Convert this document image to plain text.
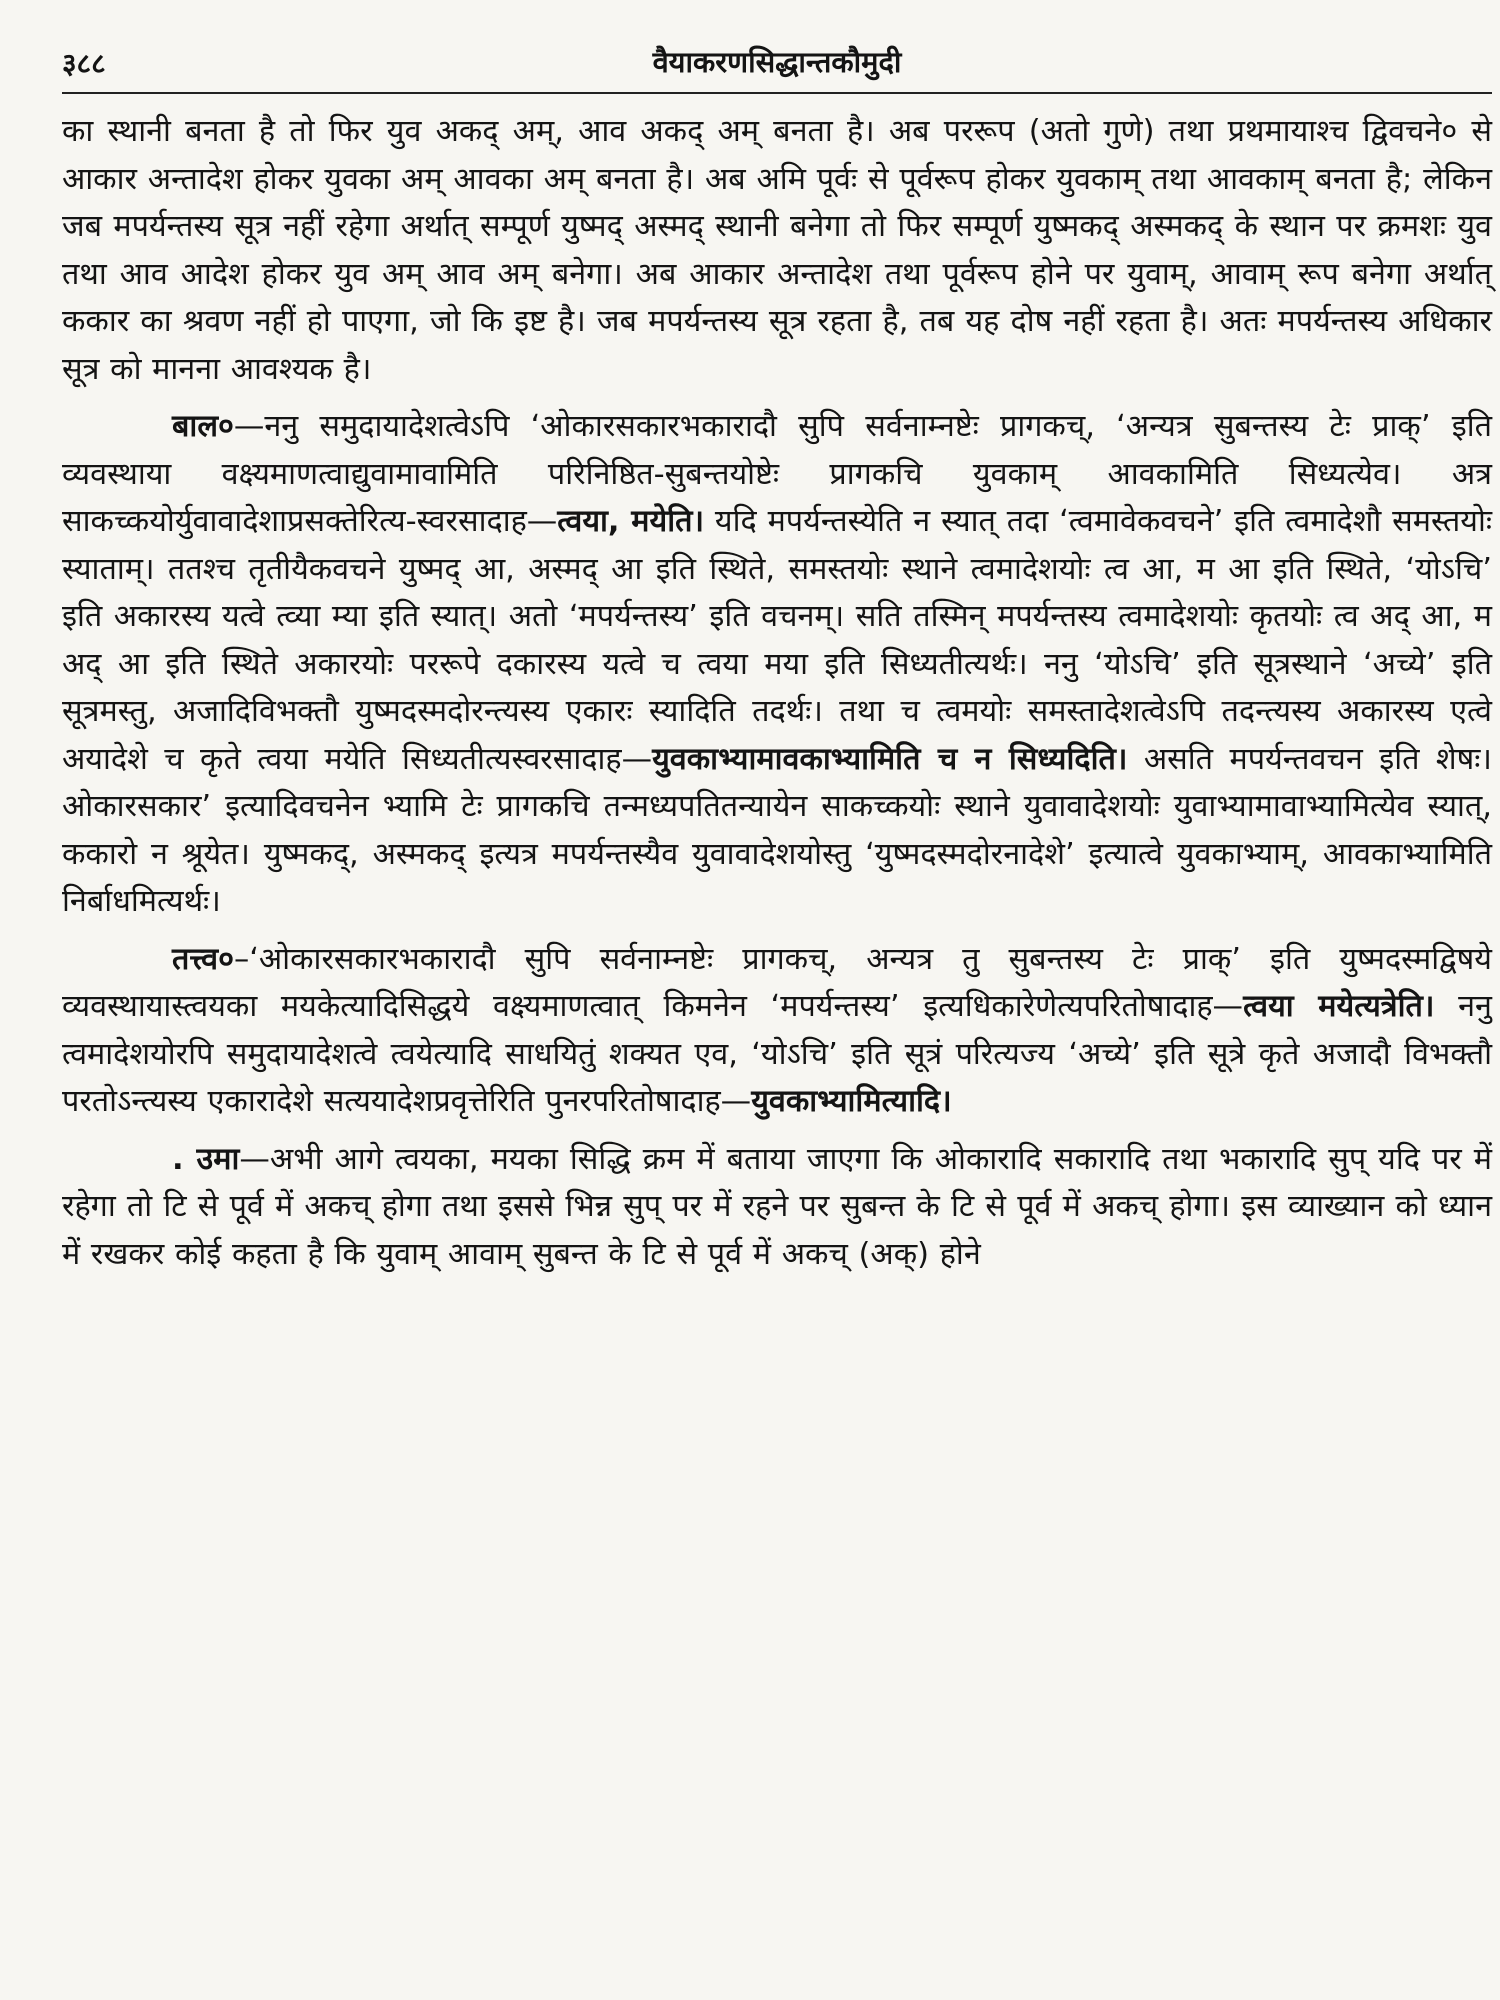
३८८	वैयाकरणसिद्धान्तकौमुदी

का स्थानी बनता है तो फिर युव अकद् अम्, आव अकद् अम् बनता है। अब पररूप (अतो गुणे) तथा प्रथमायाश्च द्विवचने० से आकार अन्तादेश होकर युवका अम् आवका अम् बनता है। अब अमि पूर्वः से पूर्वरूप होकर युवकाम् तथा आवकाम् बनता है; लेकिन जब मपर्यन्तस्य सूत्र नहीं रहेगा अर्थात् सम्पूर्ण युष्मद् अस्मद् स्थानी बनेगा तो फिर सम्पूर्ण युष्मकद् अस्मकद् के स्थान पर क्रमशः युव तथा आव आदेश होकर युव अम् आव अम् बनेगा। अब आकार अन्तादेश तथा पूर्वरूप होने पर युवाम्, आवाम् रूप बनेगा अर्थात् ककार का श्रवण नहीं हो पाएगा, जो कि इष्ट है। जब मपर्यन्तस्य सूत्र रहता है, तब यह दोष नहीं रहता है। अतः मपर्यन्तस्य अधिकार सूत्र को मानना आवश्यक है।

बाल०—ननु समुदायादेशत्वेऽपि ‘ओकारसकारभकारादौ सुपि सर्वनाम्नष्टेः प्रागकच्, ‘अन्यत्र सुबन्तस्य टेः प्राक्’ इति व्यवस्थाया वक्ष्यमाणत्वाद्युवामावामिति परिनिष्ठित-सुबन्तयोष्टेः प्रागकचि युवकाम् आवकामिति सिध्यत्येव। अत्र साकच्कयोर्युवावादेशाप्रसक्तेरित्य-स्वरसादाह—त्वया, मयेति। यदि मपर्यन्तस्येति न स्यात् तदा ‘त्वमावेकवचने’ इति त्वमादेशौ समस्तयोः स्याताम्। ततश्च तृतीयैकवचने युष्मद् आ, अस्मद् आ इति स्थिते, समस्तयोः स्थाने त्वमादेशयोः त्व आ, म आ इति स्थिते, ‘योऽचि’ इति अकारस्य यत्वे त्व्या म्या इति स्यात्। अतो ‘मपर्यन्तस्य’ इति वचनम्। सति तस्मिन् मपर्यन्तस्य त्वमादेशयोः कृतयोः त्व अद् आ, म अद् आ इति स्थिते अकारयोः पररूपे दकारस्य यत्वे च त्वया मया इति सिध्यतीत्यर्थः। ननु ‘योऽचि’ इति सूत्रस्थाने ‘अच्ये’ इति सूत्रमस्तु, अजादिविभक्तौ युष्मदस्मदोरन्त्यस्य एकारः स्यादिति तदर्थः। तथा च त्वमयोः समस्तादेशत्वेऽपि तदन्त्यस्य अकारस्य एत्वे अयादेशे च कृते त्वया मयेति सिध्यतीत्यस्वरसादाह—युवकाभ्यामावकाभ्यामिति च न सिध्यदिति। असति मपर्यन्तवचन इति शेषः। ओकारसकार’ इत्यादिवचनेन भ्यामि टेः प्रागकचि तन्मध्यपतितन्यायेन साकच्कयोः स्थाने युवावादेशयोः युवाभ्यामावाभ्यामित्येव स्यात्, ककारो न श्रूयेत। युष्मकद्, अस्मकद् इत्यत्र मपर्यन्तस्यैव युवावादेशयोस्तु ‘युष्मदस्मदोरनादेशे’ इत्यात्वे युवकाभ्याम्, आवकाभ्यामिति निर्बाधमित्यर्थः।

तत्त्व०–‘ओकारसकारभकारादौ सुपि सर्वनाम्नष्टेः प्रागकच्, अन्यत्र तु सुबन्तस्य टेः प्राक्’ इति युष्मदस्मद्विषये व्यवस्थायास्त्वयका मयकेत्यादिसिद्धये वक्ष्यमाणत्वात् किमनेन ‘मपर्यन्तस्य’ इत्यधिकारेणेत्यपरितोषादाह—त्वया मयेत्यत्रेति। ननु त्वमादेशयोरपि समुदायादेशत्वे त्वयेत्यादि साधयितुं शक्यत एव, ‘योऽचि’ इति सूत्रं परित्यज्य ‘अच्ये’ इति सूत्रे कृते अजादौ विभक्तौ परतोऽन्त्यस्य एकारादेशे सत्ययादेशप्रवृत्तेरिति पुनरपरितोषादाह—युवकाभ्यामित्यादि।

. उमा—अभी आगे त्वयका, मयका सिद्धि क्रम में बताया जाएगा कि ओकारादि सकारादि तथा भकारादि सुप् यदि पर में रहेगा तो टि से पूर्व में अकच् होगा तथा इससे भिन्न सुप् पर में रहने पर सुबन्त के टि से पूर्व में अकच् होगा। इस व्याख्यान को ध्यान में रखकर कोई कहता है कि युवाम् आवाम् सुबन्त के टि से पूर्व में अकच् (अक्) होने
